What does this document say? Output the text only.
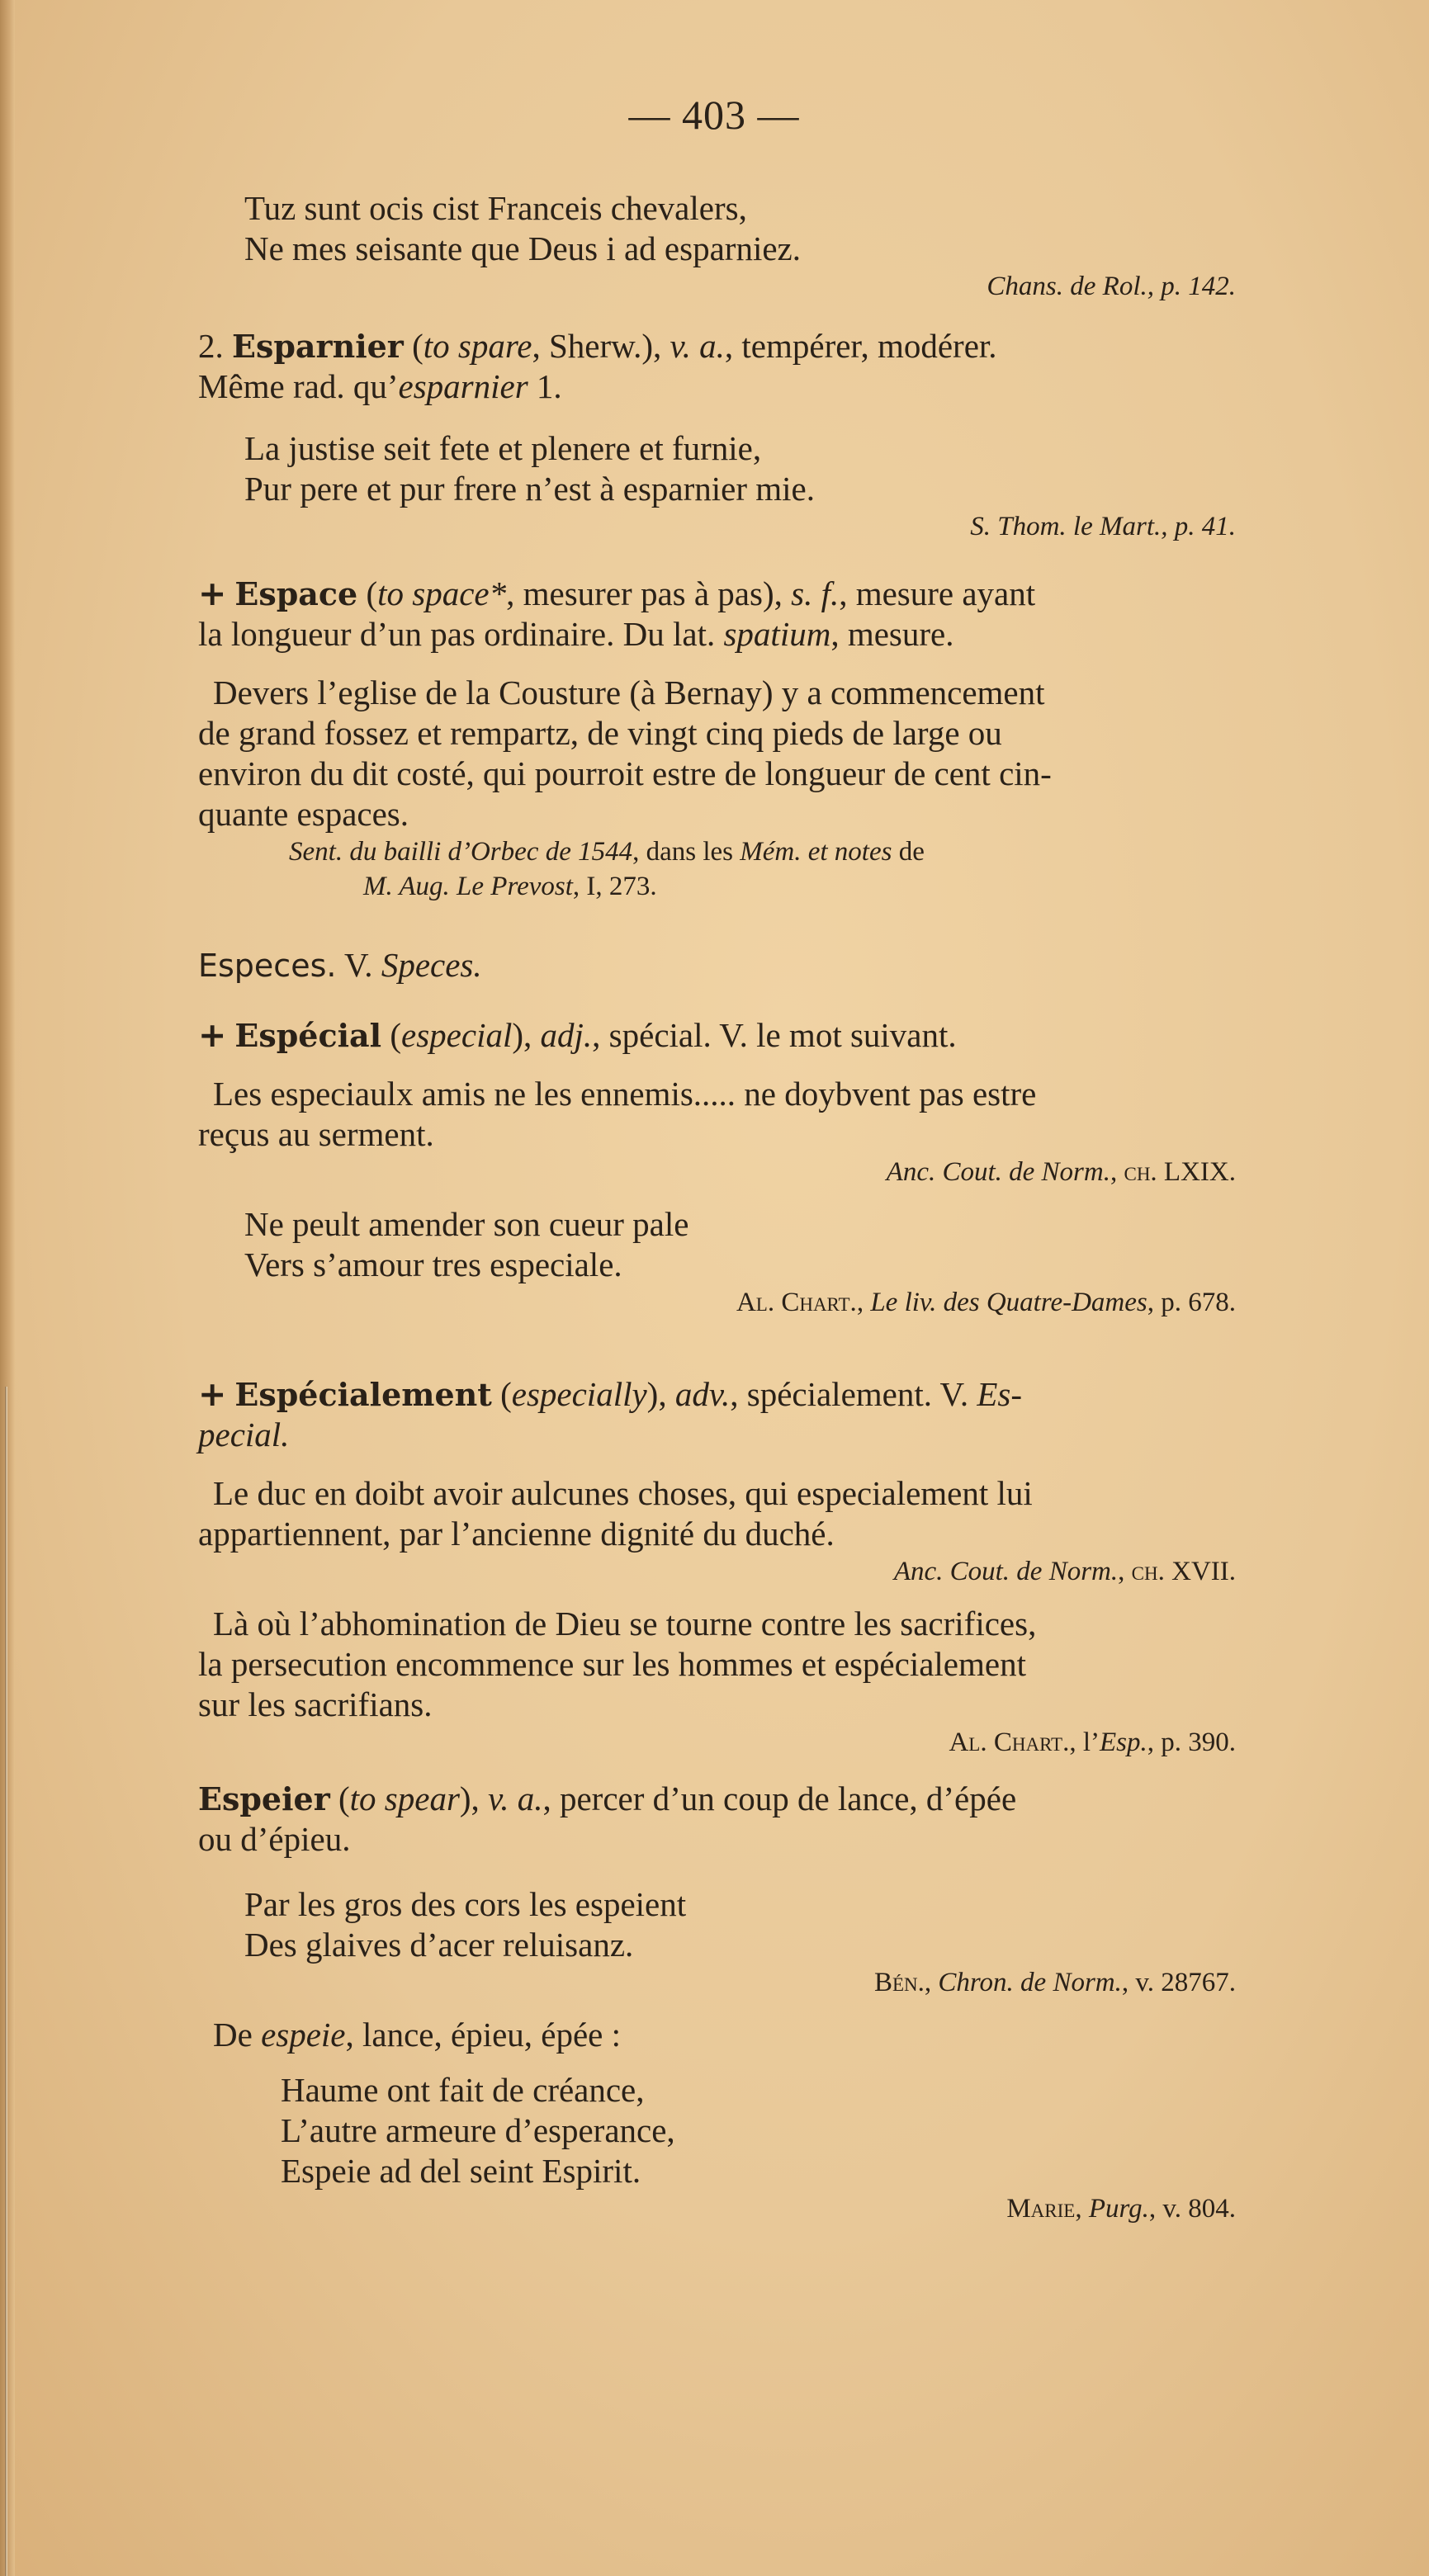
— 403 —
Tuz sunt ocis cist Franceis chevalers,
Ne mes seisante que Deus i ad esparniez.
Chans. de Rol., p. 142.
2. Esparnier (to spare, Sherw.), v. a., tempérer, modérer.
Même rad. qu’esparnier 1.
La justise seit fete et plenere et furnie,
Pur pere et pur frere n’est à esparnier mie.
S. Thom. le Mart., p. 41.
+ Espace (to space*, mesurer pas à pas), s. f., mesure ayant
la longueur d’un pas ordinaire. Du lat. spatium, mesure.
Devers l’eglise de la Cousture (à Bernay) y a commencement
de grand fossez et rempartz, de vingt cinq pieds de large ou
environ du dit costé, qui pourroit estre de longueur de cent cin-
quante espaces.
Sent. du bailli d’Orbec de 1544, dans les Mém. et notes de
M. Aug. Le Prevost, I, 273.
Especes. V. Speces.
+ Espécial (especial), adj., spécial. V. le mot suivant.
Les especiaulx amis ne les ennemis..... ne doybvent pas estre
reçus au serment.
Anc. Cout. de Norm., ch. LXIX.
Ne peult amender son cueur pale
Vers s’amour tres especiale.
Al. Chart., Le liv. des Quatre-Dames, p. 678.
+ Espécialement (especially), adv., spécialement. V. Es-
pecial.
Le duc en doibt avoir aulcunes choses, qui especialement lui
appartiennent, par l’ancienne dignité du duché.
Anc. Cout. de Norm., ch. XVII.
Là où l’abhomination de Dieu se tourne contre les sacrifices,
la persecution encommence sur les hommes et espécialement
sur les sacrifians.
Al. Chart., l’Esp., p. 390.
Espeier (to spear), v. a., percer d’un coup de lance, d’épée
ou d’épieu.
Par les gros des cors les espeient
Des glaives d’acer reluisanz.
Bén., Chron. de Norm., v. 28767.
De espeie, lance, épieu, épée :
Haume ont fait de créance,
L’autre armeure d’esperance,
Espeie ad del seint Espirit.
Marie, Purg., v. 804.
